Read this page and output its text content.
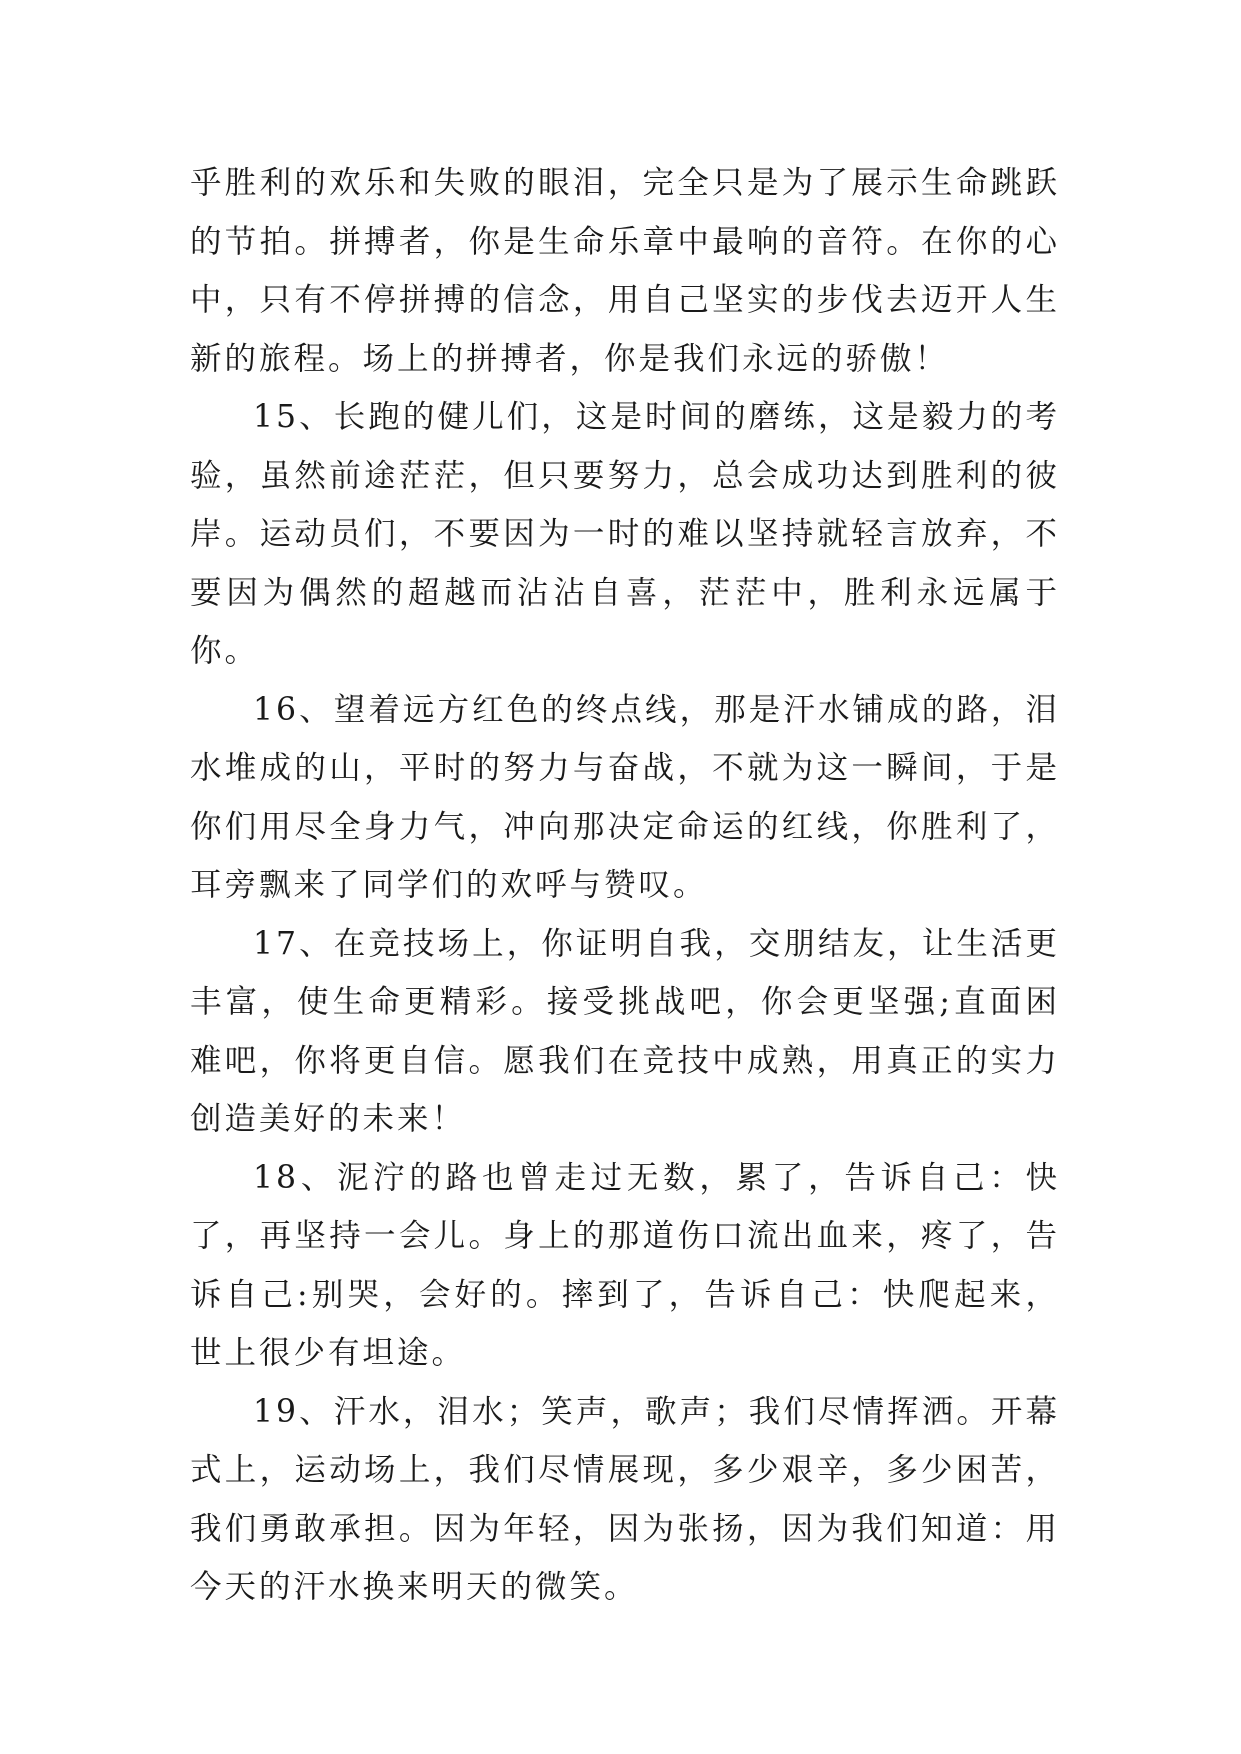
乎胜利的欢乐和失败的眼泪，完全只是为了展示生命跳跃的节拍。拼搏者，你是生命乐章中最响的音符。在你的心中，只有不停拼搏的信念，用自己坚实的步伐去迈开人生新的旅程。场上的拼搏者，你是我们永远的骄傲！

15、长跑的健儿们，这是时间的磨练，这是毅力的考验，虽然前途茫茫，但只要努力，总会成功达到胜利的彼岸。运动员们，不要因为一时的难以坚持就轻言放弃，不要因为偶然的超越而沾沾自喜，茫茫中，胜利永远属于你。

16、望着远方红色的终点线，那是汗水铺成的路，泪水堆成的山，平时的努力与奋战，不就为这一瞬间，于是你们用尽全身力气，冲向那决定命运的红线，你胜利了，耳旁飘来了同学们的欢呼与赞叹。

17、在竞技场上，你证明自我，交朋结友，让生活更丰富，使生命更精彩。接受挑战吧，你会更坚强;直面困难吧，你将更自信。愿我们在竞技中成熟，用真正的实力创造美好的未来！

18、泥泞的路也曾走过无数，累了，告诉自己：快了，再坚持一会儿。身上的那道伤口流出血来，疼了，告诉自己:别哭，会好的。摔到了，告诉自己：快爬起来，世上很少有坦途。

19、汗水，泪水；笑声，歌声；我们尽情挥洒。开幕式上，运动场上，我们尽情展现，多少艰辛，多少困苦，我们勇敢承担。因为年轻，因为张扬，因为我们知道：用今天的汗水换来明天的微笑。
